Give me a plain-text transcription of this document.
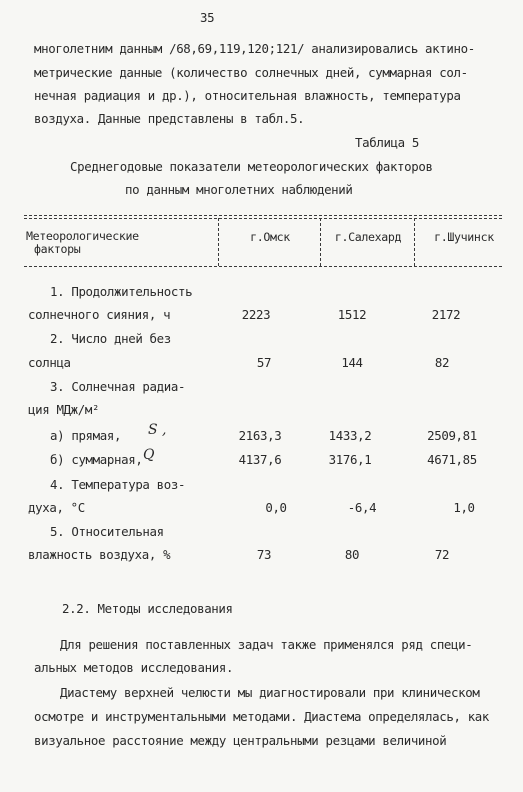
35
многолетним данным /68,69,119,120;121/ анализировались актино-
метрические данные (количество солнечных дней, суммарная сол-
нечная радиация и др.), относительная влажность, температура
воздуха. Данные представлены в табл.5.
Таблица 5
Среднегодовые показатели метеорологических факторов
по данным многолетних наблюдений
Метеорологические
факторы
г.Омск	г.Салехард	г.Шучинск
1. Продолжительность
солнечного сияния, ч	2223	1512	2172
2. Число дней без
солнца	57	144	82
3. Солнечная радиа-
ция МДж/м²
а) прямая, S ,	2163,3	1433,2	2509,81
б) суммарная, Q	4137,6	3176,1	4671,85
4. Температура воз-
духа, °С	0,0	-6,4	1,0
5. Относительная
влажность воздуха, %	73	80	72
2.2. Методы исследования
Для решения поставленных задач также применялся ряд специ-
альных методов исследования.
Диастему верхней челюсти мы диагностировали при клиническом
осмотре и инструментальными методами. Диастема определялась, как
визуальное расстояние между центральными резцами величиной
